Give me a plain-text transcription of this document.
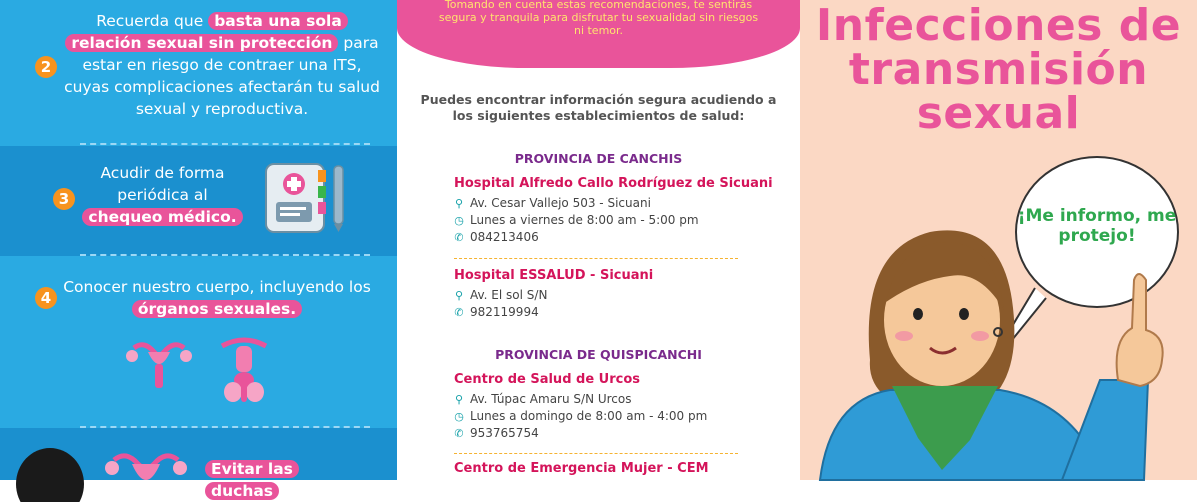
2
Recuerda que basta una sola relación sexual sin protección para estar en riesgo de contraer una ITS, cuyas complicaciones afectarán tu salud sexual y reproductiva.
3
Acudir de forma periódica al chequeo médico.
4
Conocer nuestro cuerpo, incluyendo los órganos sexuales.
Evitar las duchas
Tomando en cuenta estas recomendaciones, te sentirás segura y tranquila para disfrutar tu sexualidad sin riesgos ni temor.
Puedes encontrar información segura acudiendo a los siguientes establecimientos de salud:
PROVINCIA DE CANCHIS
Hospital Alfredo Callo Rodríguez de Sicuani
⚲ Av. Cesar Vallejo 503 - Sicuani
◷ Lunes a viernes de 8:00 am - 5:00 pm
✆ 084213406
Hospital ESSALUD - Sicuani
⚲ Av. El sol S/N
✆ 982119994
PROVINCIA DE QUISPICANCHI
Centro de Salud de Urcos
⚲ Av. Túpac Amaru S/N Urcos
◷ Lunes a domingo de 8:00 am - 4:00 pm
✆ 953765754
Centro de Emergencia Mujer - CEM
Infecciones de
transmisión
sexual
¡Me informo, me protejo!
